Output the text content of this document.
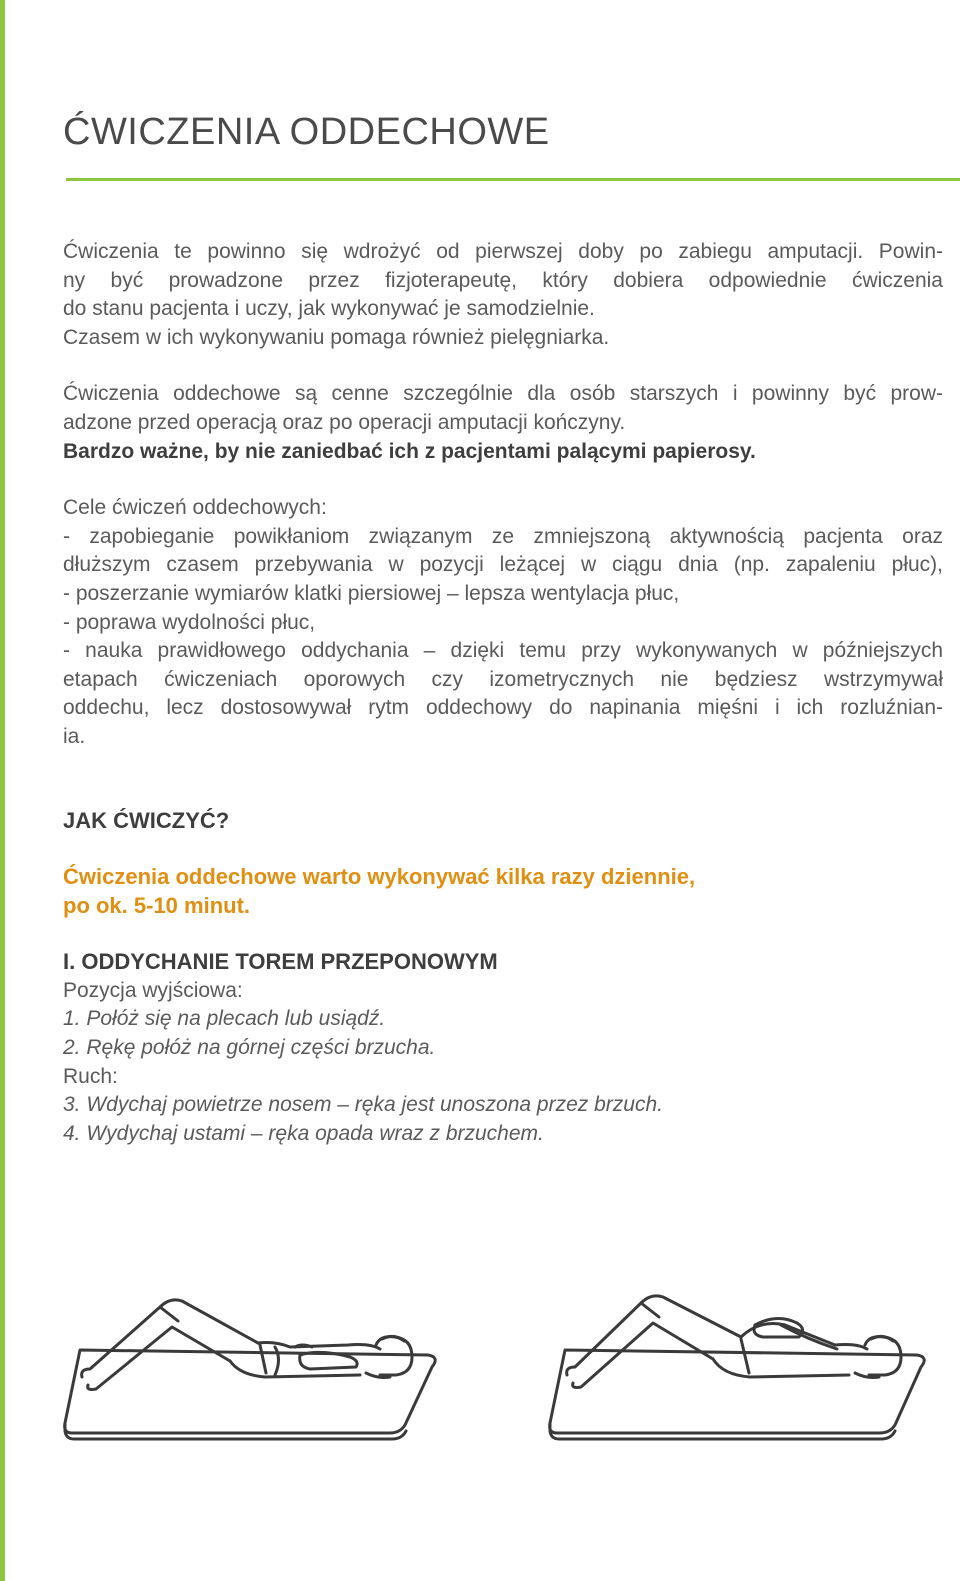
ĆWICZENIA ODDECHOWE

Ćwiczenia te powinno się wdrożyć od pierwszej doby po zabiegu amputacji. Powin-
ny być prowadzone przez fizjoterapeutę, który dobiera odpowiednie ćwiczenia
do stanu pacjenta i uczy, jak wykonywać je samodzielnie.
Czasem w ich wykonywaniu pomaga również pielęgniarka.

Ćwiczenia oddechowe są cenne szczególnie dla osób starszych i powinny być prow-
adzone przed operacją oraz po operacji amputacji kończyny.
Bardzo ważne, by nie zaniedbać ich z pacjentami palącymi papierosy.

Cele ćwiczeń oddechowych:
- zapobieganie powikłaniom związanym ze zmniejszoną aktywnością pacjenta oraz
dłuższym czasem przebywania w pozycji leżącej w ciągu dnia (np. zapaleniu płuc),
- poszerzanie wymiarów klatki piersiowej – lepsza wentylacja płuc,
- poprawa wydolności płuc,
- nauka prawidłowego oddychania – dzięki temu przy wykonywanych w późniejszych
etapach ćwiczeniach oporowych czy izometrycznych nie będziesz wstrzymywał
oddechu, lecz dostosowywał rytm oddechowy do napinania mięśni i ich rozluźnian-
ia.

JAK ĆWICZYĆ?

Ćwiczenia oddechowe warto wykonywać kilka razy dziennie,
po ok. 5-10 minut.

I. ODDYCHANIE TOREM PRZEPONOWYM
Pozycja wyjściowa:
1. Połóż się na plecach lub usiądź.
2. Rękę połóż na górnej części brzucha.
Ruch:
3. Wdychaj powietrze nosem – ręka jest unoszona przez brzuch.
4. Wydychaj ustami – ręka opada wraz z brzuchem.
